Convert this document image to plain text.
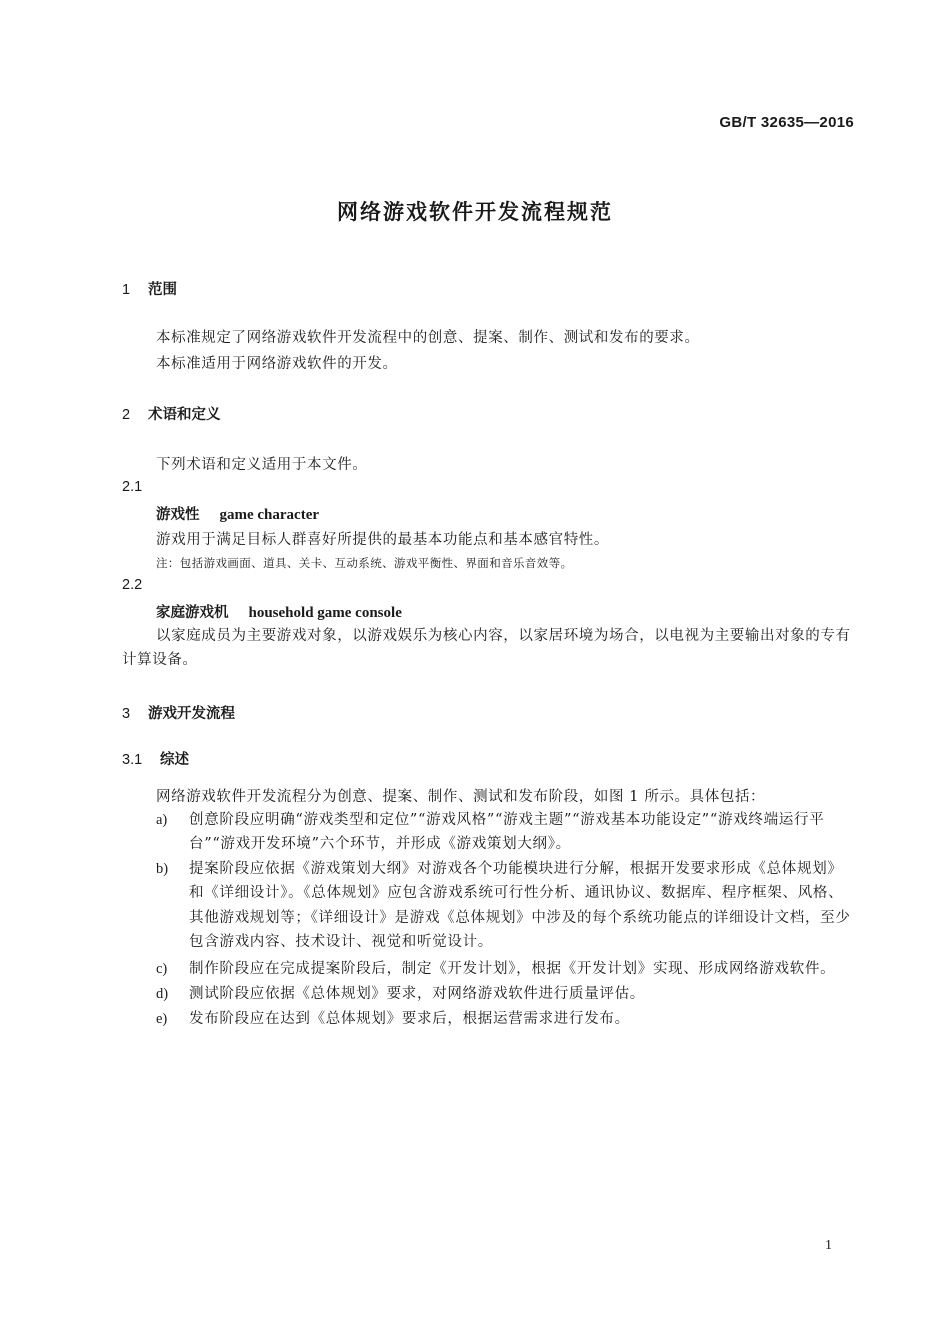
GB/T 32635—2016
网络游戏软件开发流程规范
1 范围
本标准规定了网络游戏软件开发流程中的创意、提案、制作、测试和发布的要求。
本标准适用于网络游戏软件的开发。
2 术语和定义
下列术语和定义适用于本文件。
2.1
游戏性 game character
游戏用于满足目标人群喜好所提供的最基本功能点和基本感官特性。
注：包括游戏画面、道具、关卡、互动系统、游戏平衡性、界面和音乐音效等。
2.2
家庭游戏机 household game console
以家庭成员为主要游戏对象，以游戏娱乐为核心内容，以家居环境为场合，以电视为主要输出对象的专有计算设备。
3 游戏开发流程
3.1 综述
网络游戏软件开发流程分为创意、提案、制作、测试和发布阶段，如图 1 所示。具体包括：
a) 创意阶段应明确“游戏类型和定位”“游戏风格”“游戏主题”“游戏基本功能设定”“游戏终端运行平台”“游戏开发环境”六个环节，并形成《游戏策划大纲》。
b) 提案阶段应依据《游戏策划大纲》对游戏各个功能模块进行分解，根据开发要求形成《总体规划》和《详细设计》。《总体规划》应包含游戏系统可行性分析、通讯协议、数据库、程序框架、风格、其他游戏规划等；《详细设计》是游戏《总体规划》中涉及的每个系统功能点的详细设计文档，至少包含游戏内容、技术设计、视觉和听觉设计。
c) 制作阶段应在完成提案阶段后，制定《开发计划》，根据《开发计划》实现、形成网络游戏软件。
d) 测试阶段应依据《总体规划》要求，对网络游戏软件进行质量评估。
e) 发布阶段应在达到《总体规划》要求后，根据运营需求进行发布。
1
